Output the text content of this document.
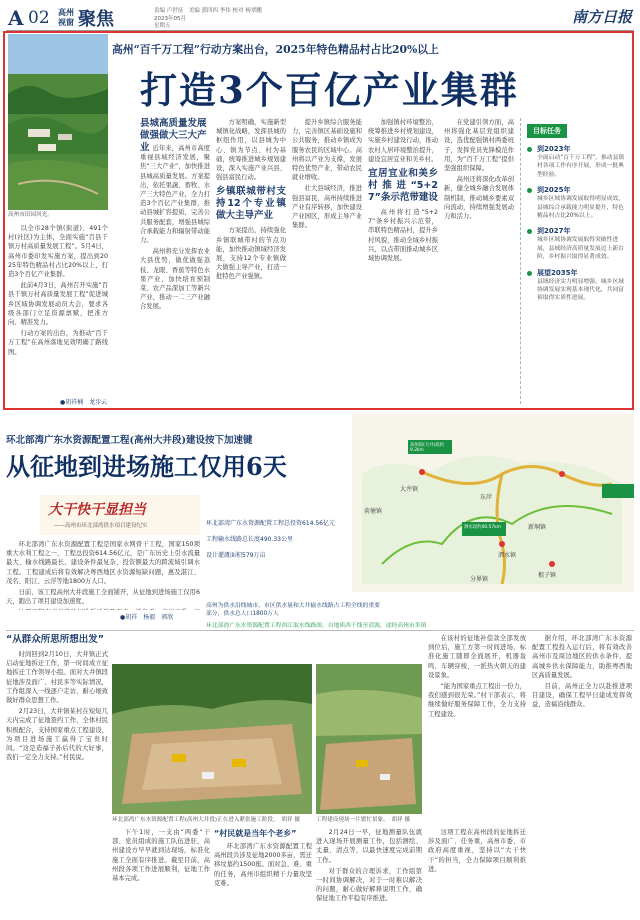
A 02 高州
视窗 聚焦	责编 卢世征　美编 郭四四 李伟 校对 杨翠鹏
2023年05月
星期五	南方日报
高州市田园风光。

以全市28个镇(街道)、491个村(社区)为主体，全面实施“百县千镇万村高质量发展工程”。5月4日，高州市委印发实施方案，提出到2025年特色精品村占比20%以上，打造3个百亿产业集群。

此前4月3日，高州召开实施“百县千镇万村高质量发展工程”促进城乡区域协调发展动员大会，要求各级各部门立足资源禀赋，把准方向、精准发力。

行动方案的出台，为推动“百千万工程”在高州落地见效明确了路线图。

●胡祥楠　龙步云
高州“百千万工程”行动方案出台，2025年特色精品村占比20%以上
打造3个百亿产业集群
县城高质量发展做强做大三大产业 近年来，高州市高度重视县域经济发展，聚焦“三大产业”，加快推进县城高质量发展。方案提出，依托果蔬、畜牧、水产三大特色产业，全力打造3个百亿产业集群，推动县城扩容提质，完善公共服务配套，增强县城综合承载能力和辐射带动能力。

高州将充分发挥农业大县优势，做优做强荔枝、龙眼、香蕉等特色水果产业，加快培育预制菜、农产品深加工等新兴产业，推动一二三产业融合发展。

方案明确，实施新型城镇化战略，发挥县城的枢纽作用，以县城为中心、镇为节点、村为基础，统筹推进城乡规划建设，深入实施产业兴县、强县富民行动。

乡镇联城带村支持12个专业镇做大主导产业

方案提出，持续强化乡镇联城带村的节点功能，加快推动镇域经济发展，支持12个专业镇做大做强主导产业，打造一批特色产业强镇。

提升乡镇综合服务能力，完善镇区基础设施和公共服务，推动乡镇成为服务农民的区域中心。高州将以产业为支撑，发展特色优势产业，带动农民就业增收。

壮大县域经济，推进强县富民，高州持续推进产业有序转移，加快建设产业园区，形成主导产业集群。

加强镇村环境整治，统筹推进乡村规划建设，实施乡村建设行动，推动农村人居环境整治提升，建设宜居宜业和美乡村。

宜居宜业和美乡村推进“5+27”条示范带建设

高州将打造“5+27”条乡村振兴示范带，串联特色精品村，提升乡村风貌，推动全域乡村振兴，以点带面推动城乡区域协调发展。

在党建引领方面，高州将强化基层党组织建设，选优配强镇村两委班子，发挥党员先锋模范作用，为“百千万工程”提供坚强组织保障。

高州还将深化改革创新，健全城乡融合发展体制机制，推动城乡要素双向流动，持续增强发展动力和活力。

目标任务
到2023年
全面启动“百千万工程”，推动县镇村各项工作有序开展，形成一批典型经验。
到2025年
城乡区域协调发展取得明显成效，县城综合承载能力明显提升，特色精品村占比20%以上。
到2027年
城乡区域协调发展取得突破性进展，县域经济高质量发展迈上新台阶，乡村振兴取得显著成效。
展望2035年
县域经济实力明显增强，城乡区域协调发展实现基本现代化，共同富裕取得实质性进展。
环北部湾广东水资源配置工程(高州大井段)建设按下加速键
从征地到进场施工仅用6天
大干快干显担当
——高州市环北部湾供水项目建设纪实	环北部湾广东水资源配置工程总投资614.56亿元
工程输水线路总长度490.33公里
设计灌溉面积579万亩
高州为供水沿线城市，市区供水量和大井输水线路占工程全线的重要部分，供水总人口1800万人
东岸
大井镇
荷塘镇
根子镇
分界镇
新垌镇
泗水镇
高州段(大井)段约9.2km
泗水段约40.57km

环北部湾广东水资源配置工程是国家水网骨干工程，国家150项重大水利工程之一，工程总投资614.56亿元，是广东历史上引水流量最大、输水线路最长、建设条件最复杂、投资额最大的跨流域引调水工程。工程建成后将有效解决粤西地区水资源短缺问题，惠及湛江、茂名、阳江、云浮等地1800万人口。

日前，该工程高州大井段施工全面铺开，从征地到进场施工仅用6天，跑出了项目建设加速度。

●胡祥　杨毅　郭欣
环北部湾广东水资源配置工程西江取水线路图，自地质西干线至清源，途经高州市多镇
“从群众所思所想出发”

时间回到2月10日，大井镇正式启动征地拆迁工作，第一时间成立征地拆迁工作领导小组。面对大井镇段征地涉及面广、村民多等实际情况，工作组深入一线逐户走访，耐心细致做好群众思想工作。

2月23日，大井镇某村在短短几天内完成了征地签约工作，全体村民积极配合，支持国家重点工程建设，为项目进场施工赢得了宝贵时间。“这是造福子孙后代的大好事，我们一定全力支持。”村民说。

环北部湾广东水资源配置工程(高州大井段)正在进入紧张施工阶段。　胡祥 摄	工程建设现场一片繁忙景象。　胡祥 摄

在该村的征地补偿款全部发放到位后，施工方第一时间进场，标准化施工随即全面展开，机器轰鸣、车辆穿梭，一派热火朝天的建设景象。

“能为国家重点工程出一份力，我们感到很光荣。”村干部表示，将继续做好服务保障工作，全力支持工程建设。

据介绍，环北部湾广东水资源配置工程投入运行后，将有效改善高州市及周边地区的供水条件，提高城乡供水保障能力，助推粤西地区高质量发展。

目前，高州正全力以赴推进项目建设，确保工程早日建成发挥效益，造福沿线群众。

下午1时，一支由“两委”干部、党员组成的施工队伍进驻，高州建设方早早就到达现场，标准化施工全面有序推进。截至目前，高州段各项工作进展顺利，征地工作基本完成。

“村民就是当年个老乡”

环北部湾广东水资源配置工程高州段共涉及征地2000多亩，需迁移坟墓约1500座。面对急、难、重的任务，高州市组织精干力量攻坚克难。

2月24日一早，征地测量队伍就进入现场开展测量工作，包括测绘、丈量、清点等，以最快速度完成前期工作。

对于群众的合理诉求，工作组第一时间协调解决，对于一时难以解决的问题，耐心做好解释说明工作，确保征地工作平稳有序推进。

这项工程在高州段的征地拆迁涉及面广、任务重，高州市委、市政府高度重视，坚持以“大干快干”的担当，全力保障项目顺利推进。
